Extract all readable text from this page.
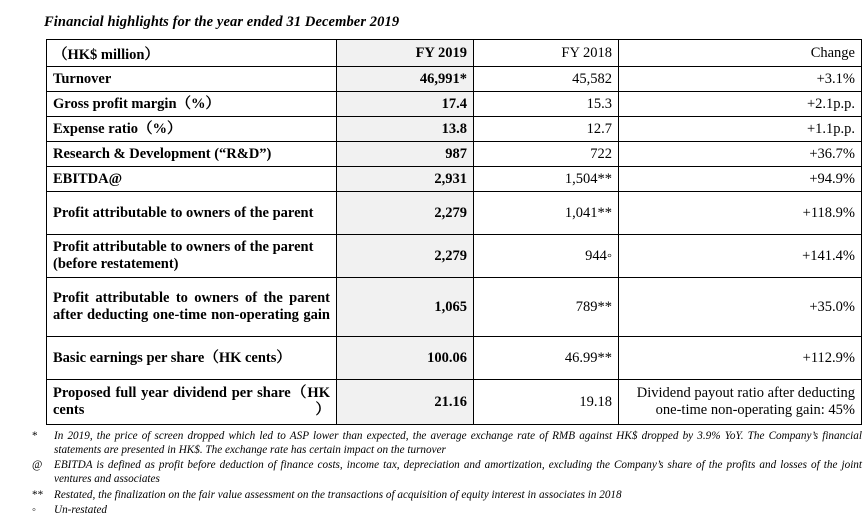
Financial highlights for the year ended 31 December 2019
（HK$ million）	FY 2019	FY 2018	Change
Turnover	46,991*	45,582	+3.1%
Gross profit margin（%）	17.4	15.3	+2.1p.p.
Expense ratio（%）	13.8	12.7	+1.1p.p.
Research & Development (“R&D”)	987	722	+36.7%
EBITDA@	2,931	1,504**	+94.9%
Profit attributable to owners of the parent	2,279	1,041**	+118.9%
Profit attributable to owners of the parent (before restatement)	2,279	944◦	+141.4%
Profit attributable to owners of the parent after deducting one-time non-operating gain	1,065	789**	+35.0%
Basic earnings per share（HK cents）	100.06	46.99**	+112.9%
Proposed full year dividend per share（HK cents）	21.16	19.18	Dividend payout ratio after deducting one-time non-operating gain: 45%
*	In 2019, the price of screen dropped which led to ASP lower than expected, the average exchange rate of RMB against HK$ dropped by 3.9% YoY. The Company’s financial statements are presented in HK$. The exchange rate has certain impact on the turnover
@	EBITDA is defined as profit before deduction of finance costs, income tax, depreciation and amortization, excluding the Company’s share of the profits and losses of the joint ventures and associates
** Restated, the finalization on the fair value assessment on the transactions of acquisition of equity interest in associates in 2018
◦	Un-restated
